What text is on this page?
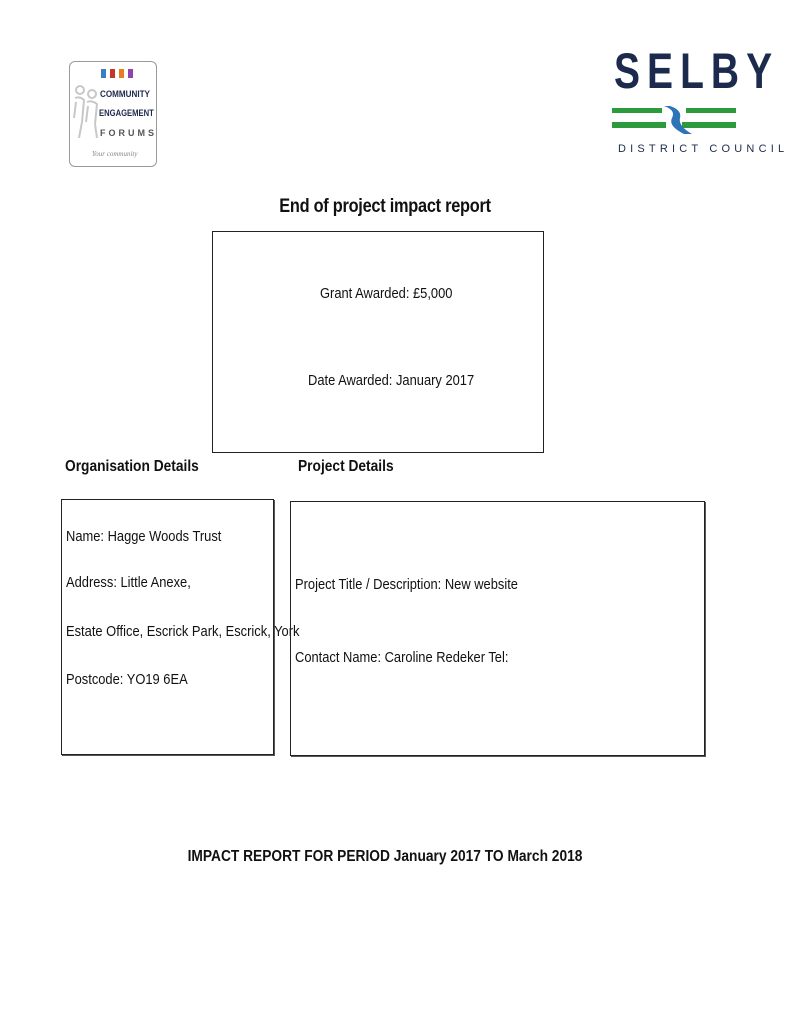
COMMUNITY
ENGAGEMENT
FORUMS
Your community
SELBY
DISTRICT COUNCIL
End of project impact report
Grant Awarded: £5,000
Date Awarded: January 2017
Organisation Details	Project Details
Name: Hagge Woods Trust
Address: Little Anexe,
Estate Office, Escrick Park, Escrick, York
Postcode: YO19 6EA
Project Title / Description: New website
Contact Name: Caroline Redeker Tel:
IMPACT REPORT FOR PERIOD January 2017 TO March 2018
